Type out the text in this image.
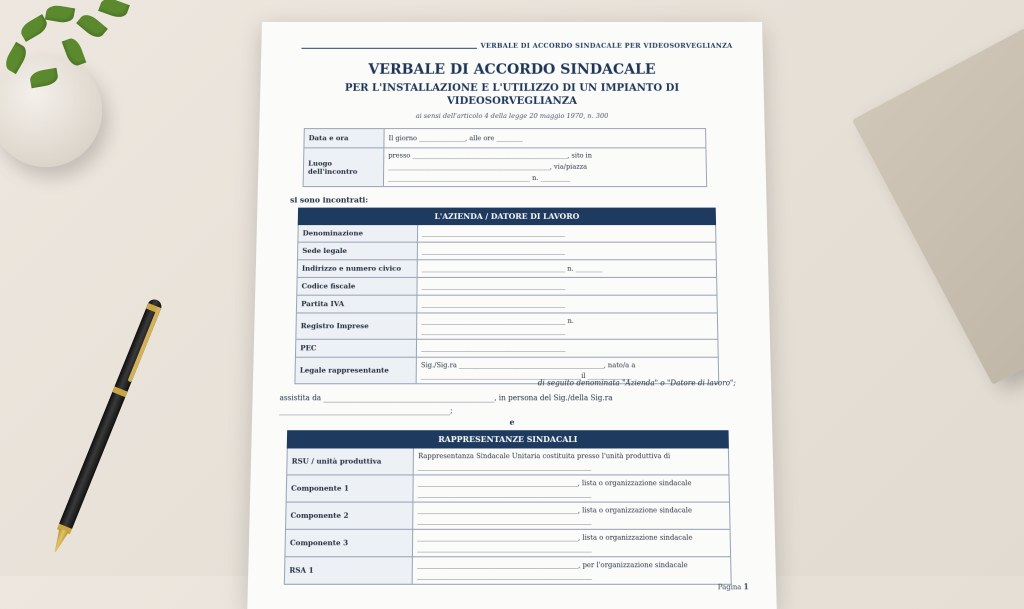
VERBALE DI ACCORDO SINDACALE PER VIDEOSORVEGLIANZA
VERBALE DI ACCORDO SINDACALE
PER L'INSTALLAZIONE E L'UTILIZZO DI UN IMPIANTO DI VIDEOSORVEGLIANZA
ai sensi dell'articolo 4 della legge 20 maggio 1970, n. 300
Data e ora	Il giorno ______________, alle ore ________
Luogo dell'incontro	presso _______________________________________________, sito in
_________________________________________________, via/piazza
___________________________________________ n. _________
si sono incontrati:
L'AZIENDA / DATORE DI LAVORO	
Denominazione	___________________________________________
Sede legale	___________________________________________
Indirizzo e numero civico	___________________________________________ n. ________
Codice fiscale	___________________________________________
Partita IVA	___________________________________________
Registro Imprese	___________________________________________ n.
___________________________________________
PEC	___________________________________________
Legale rappresentante	Sig./Sig.ra ___________________________________________, nato/a a
_______________________________________________ il _____________
di seguito denominata "Azienda" o "Datore di lavoro";
assistita da _______________________________________________, in persona del Sig./della Sig.ra
_______________________________________________;
e
RAPPRESENTANZE SINDACALI	
RSU / unità produttiva	Rappresentanza Sindacale Unitaria costituita presso l'unità produttiva di
___________________________________________________
Componente 1	_______________________________________________, lista o organizzazione sindacale
___________________________________________________
Componente 2	_______________________________________________, lista o organizzazione sindacale
___________________________________________________
Componente 3	_______________________________________________, lista o organizzazione sindacale
___________________________________________________
RSA 1	_______________________________________________, per l'organizzazione sindacale
___________________________________________________
Pagina 1
